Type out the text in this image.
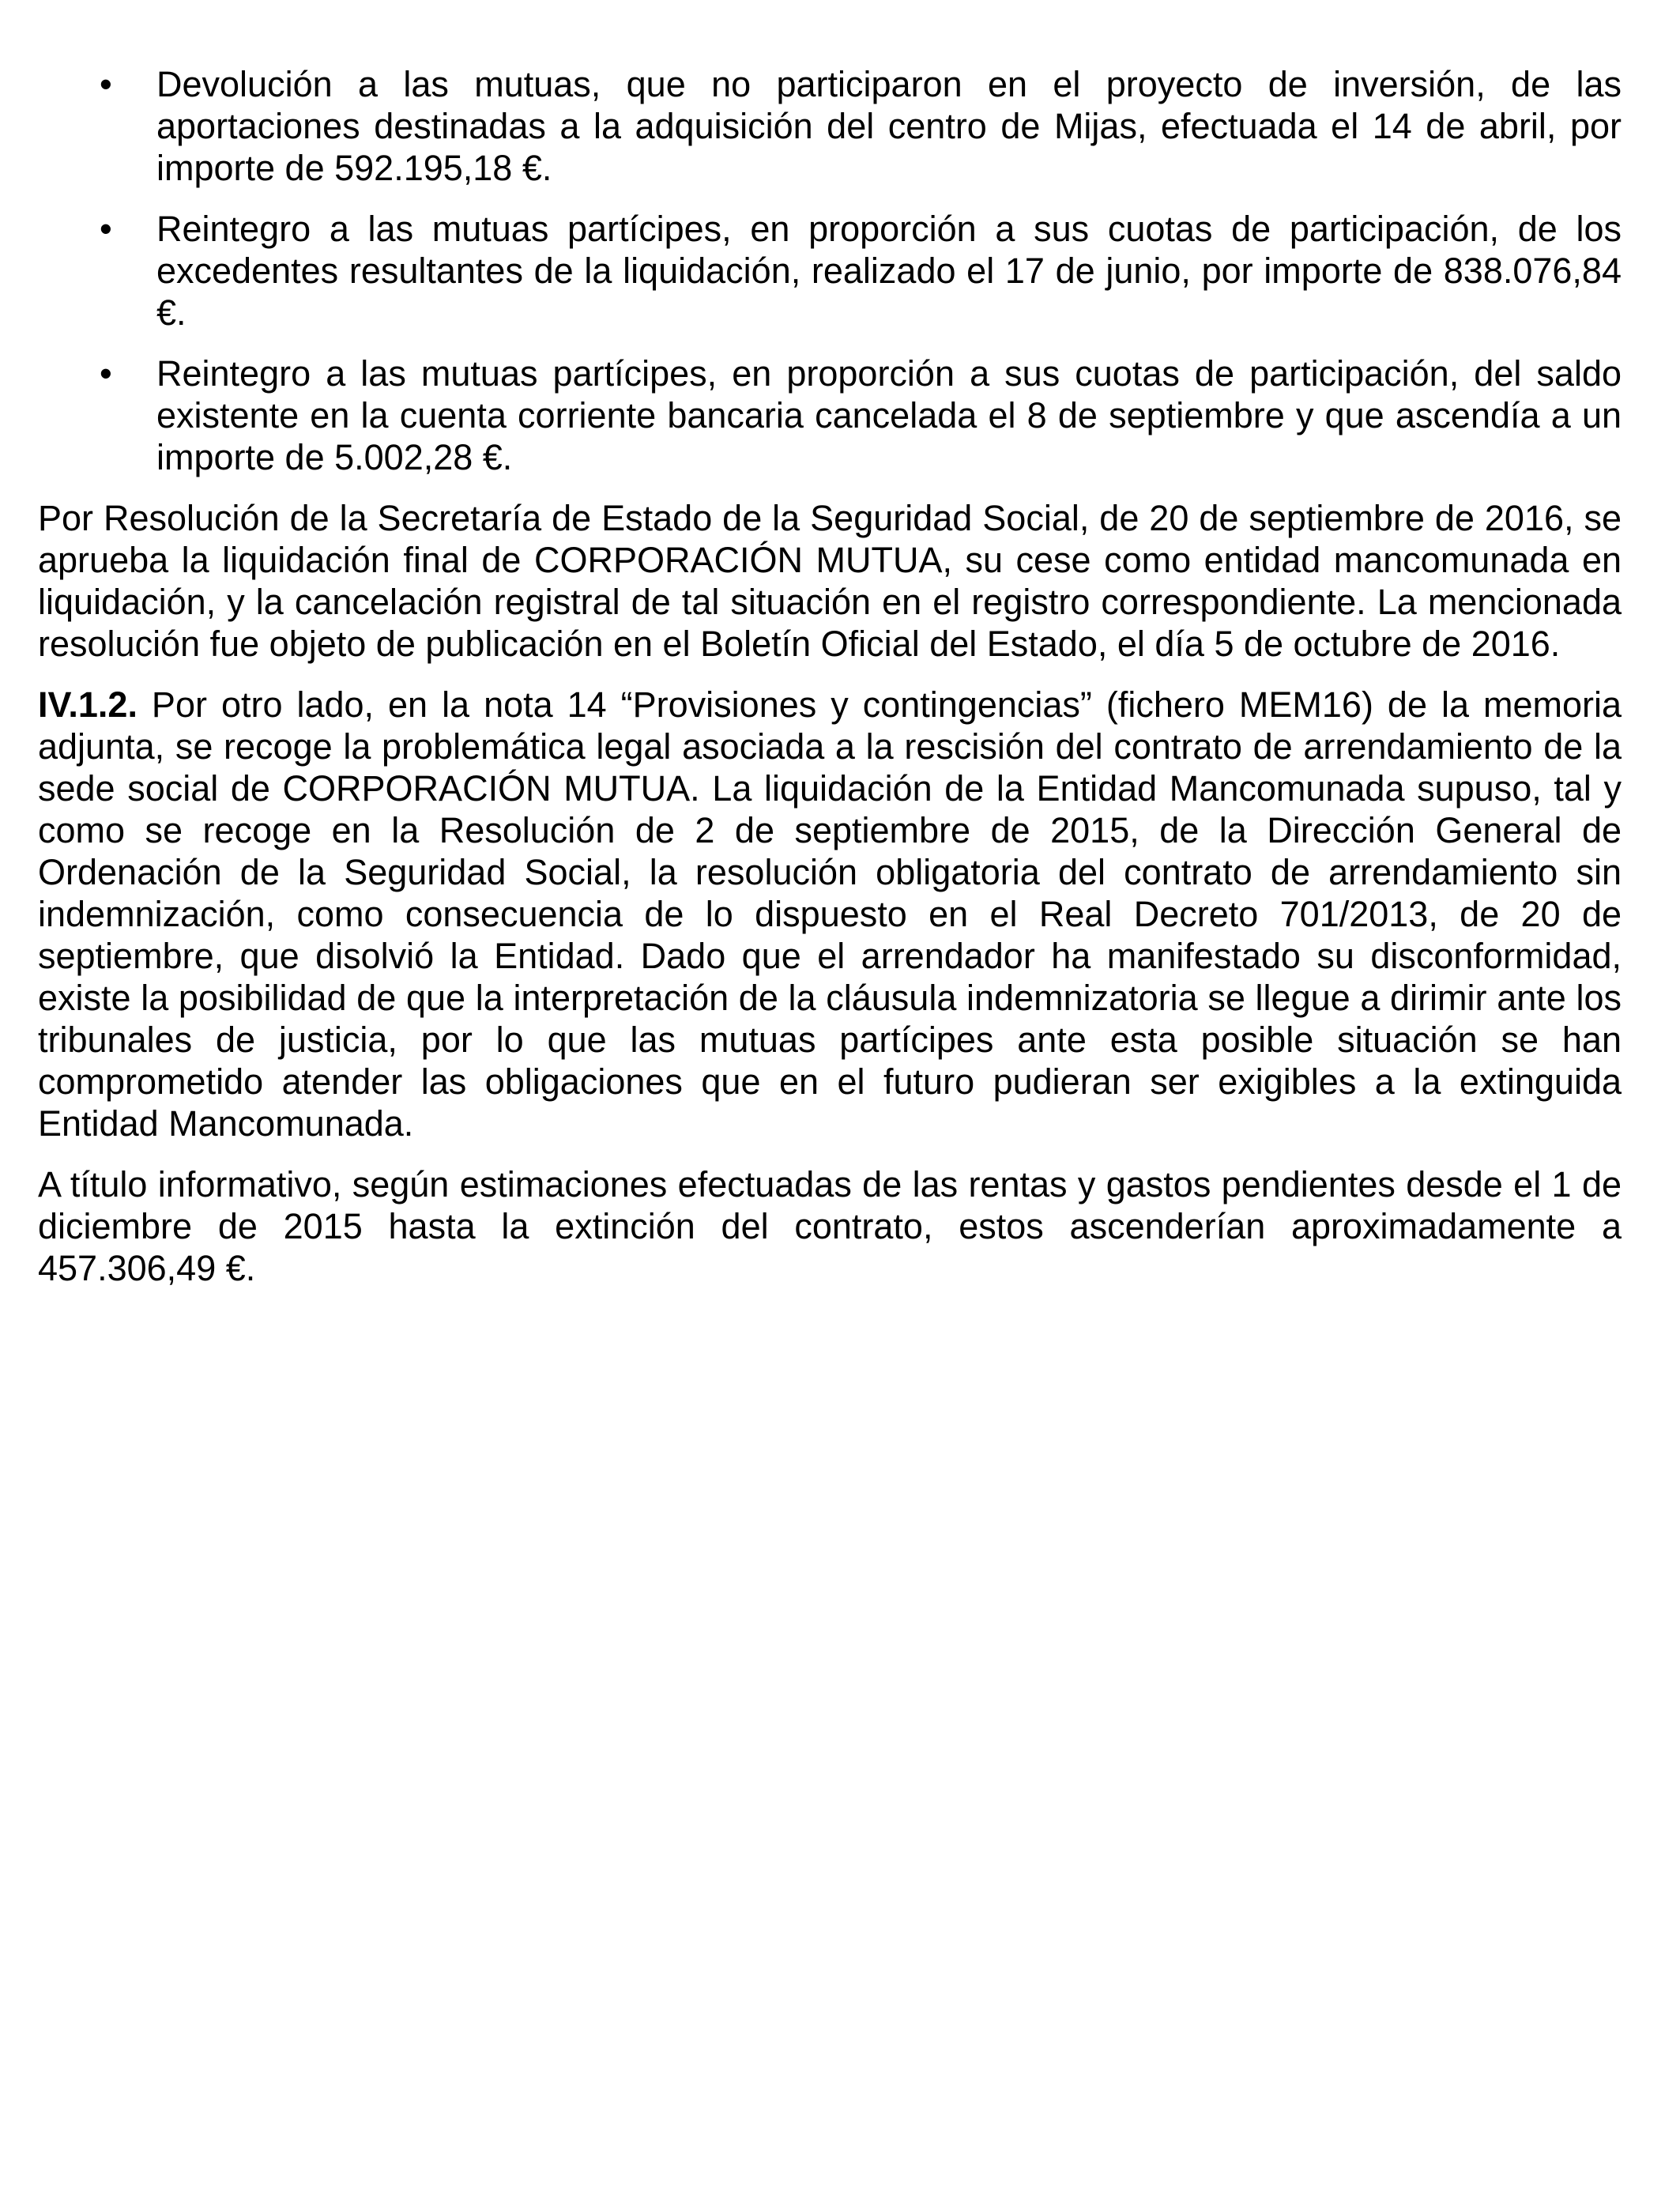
•	Devolución a las mutuas, que no participaron en el proyecto de inversión, de las aportaciones destinadas a la adquisición del centro de Mijas, efectuada el 14 de abril, por importe de 592.195,18 €.
•	Reintegro a las mutuas partícipes, en proporción a sus cuotas de participación, de los excedentes resultantes de la liquidación, realizado el 17 de junio, por importe de 838.076,84 €.
•	Reintegro a las mutuas partícipes, en proporción a sus cuotas de participación, del saldo existente en la cuenta corriente bancaria cancelada el 8 de septiembre y que ascendía a un importe de 5.002,28 €.

Por Resolución de la Secretaría de Estado de la Seguridad Social, de 20 de septiembre de 2016, se aprueba la liquidación final de CORPORACIÓN MUTUA, su cese como entidad mancomunada en liquidación, y la cancelación registral de tal situación en el registro correspondiente. La mencionada resolución fue objeto de publicación en el Boletín Oficial del Estado, el día 5 de octubre de 2016.

IV.1.2. Por otro lado, en la nota 14 “Provisiones y contingencias” (fichero MEM16) de la memoria adjunta, se recoge la problemática legal asociada a la rescisión del contrato de arrendamiento de la sede social de CORPORACIÓN MUTUA. La liquidación de la Entidad Mancomunada supuso, tal y como se recoge en la Resolución de 2 de septiembre de 2015, de la Dirección General de Ordenación de la Seguridad Social, la resolución obligatoria del contrato de arrendamiento sin indemnización, como consecuencia de lo dispuesto en el Real Decreto 701/2013, de 20 de septiembre, que disolvió la Entidad. Dado que el arrendador ha manifestado su disconformidad, existe la posibilidad de que la interpretación de la cláusula indemnizatoria se llegue a dirimir ante los tribunales de justicia, por lo que las mutuas partícipes ante esta posible situación se han comprometido atender las obligaciones que en el futuro pudieran ser exigibles a la extinguida Entidad Mancomunada.

A título informativo, según estimaciones efectuadas de las rentas y gastos pendientes desde el 1 de diciembre de 2015 hasta la extinción del contrato, estos ascenderían aproximadamente a 457.306,49 €.
